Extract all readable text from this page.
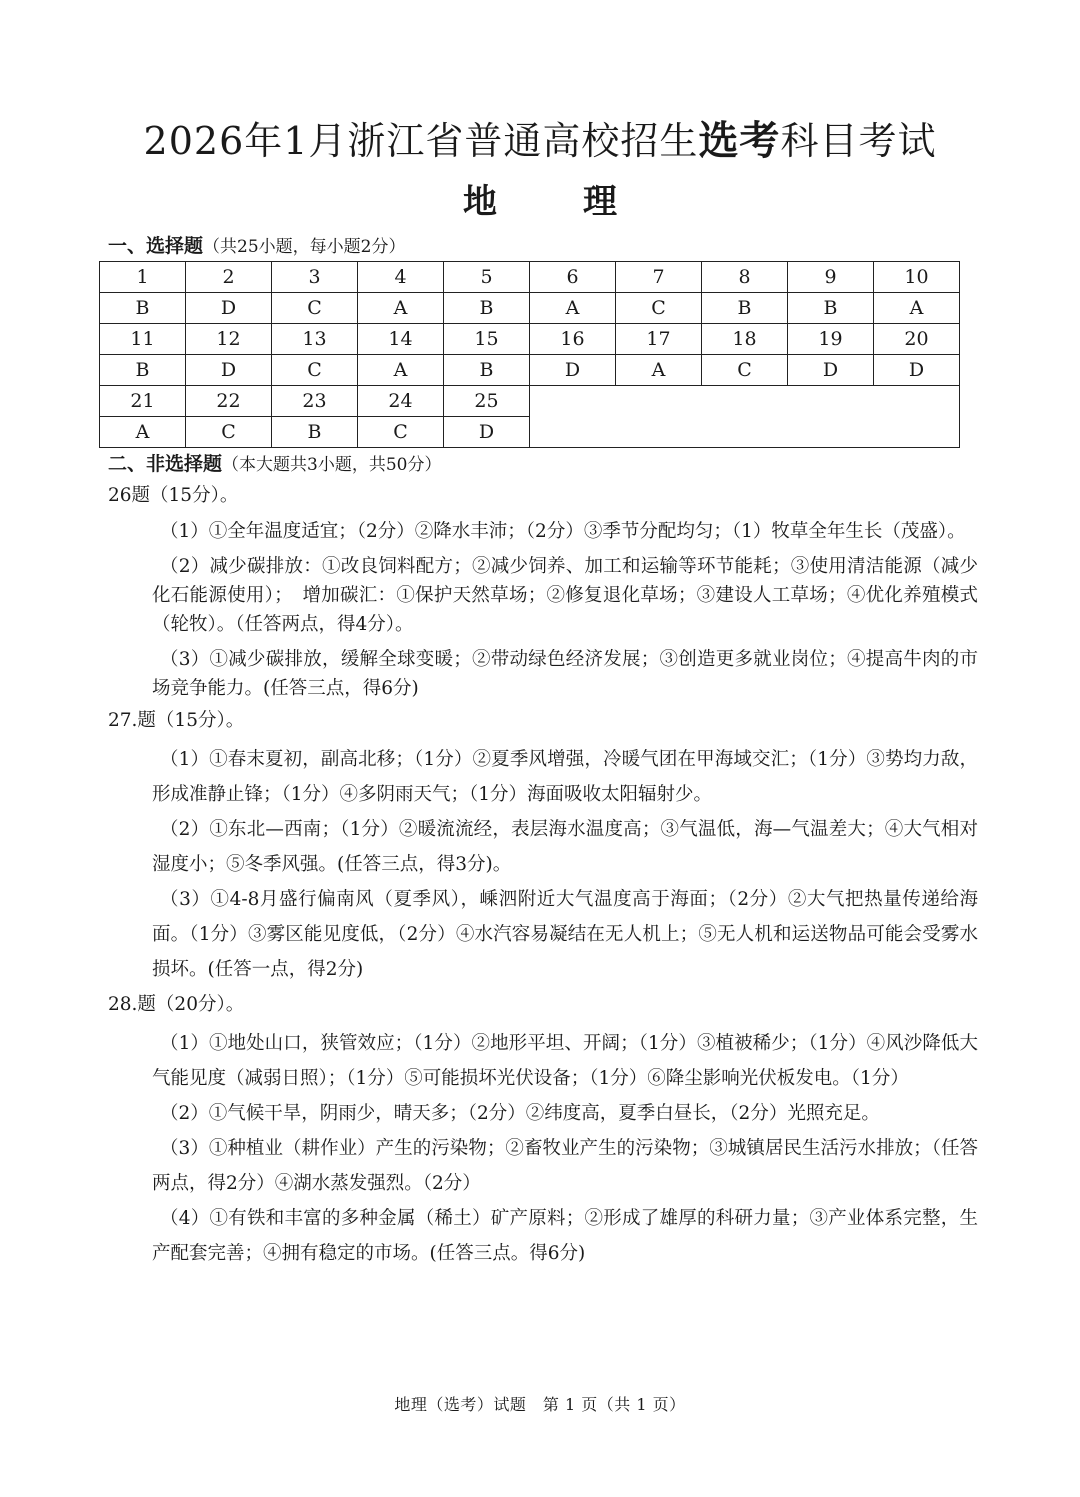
2026年1月浙江省普通高校招生选考科目考试
地理
一、选择题（共25小题，每小题2分）
1	2	3	4	5	6	7	8	9	10
B	D	C	A	B	A	C	B	B	A
11	12	13	14	15	16	17	18	19	20
B	D	C	A	B	D	A	C	D	D
21	22	23	24	25					
A	C	B	C	D					
二、非选择题（本大题共3小题，共50分）

26题（15分）。

（1）①全年温度适宜；（2分）②降水丰沛；（2分）③季节分配均匀；（1）牧草全年生长（茂盛）。

（2）减少碳排放：①改良饲料配方；②减少饲养、加工和运输等环节能耗；③使用清洁能源（减少化石能源使用）；　增加碳汇：①保护天然草场；②修复退化草场；③建设人工草场；④优化养殖模式（轮牧）。（任答两点，得4分）。

（3）①减少碳排放，缓解全球变暖；②带动绿色经济发展；③创造更多就业岗位；④提高牛肉的市场竞争能力。(任答三点，得6分)

27.题（15分）。

（1）①春末夏初，副高北移；（1分）②夏季风增强，冷暖气团在甲海域交汇；（1分）③势均力敌，形成准静止锋；（1分）④多阴雨天气；（1分）海面吸收太阳辐射少。

（2）①东北—西南；（1分）②暖流流经，表层海水温度高；③气温低，海—气温差大；④大气相对湿度小；⑤冬季风强。(任答三点，得3分)。

（3）①4-8月盛行偏南风（夏季风），嵊泗附近大气温度高于海面；（2分）②大气把热量传递给海面。（1分）③雾区能见度低，（2分）④水汽容易凝结在无人机上；⑤无人机和运送物品可能会受雾水损坏。(任答一点，得2分)

28.题（20分）。

（1）①地处山口，狭管效应；（1分）②地形平坦、开阔；（1分）③植被稀少；（1分）④风沙降低大气能见度（减弱日照）；（1分）⑤可能损坏光伏设备；（1分）⑥降尘影响光伏板发电。（1分）

（2）①气候干旱，阴雨少，晴天多；（2分）②纬度高，夏季白昼长，（2分）光照充足。

（3）①种植业（耕作业）产生的污染物；②畜牧业产生的污染物；③城镇居民生活污水排放；（任答两点，得2分）④湖水蒸发强烈。（2分）

（4）①有铁和丰富的多种金属（稀土）矿产原料；②形成了雄厚的科研力量；③产业体系完整，生产配套完善；④拥有稳定的市场。(任答三点。得6分)

地理（选考）试题　第 1 页（共 1 页）
